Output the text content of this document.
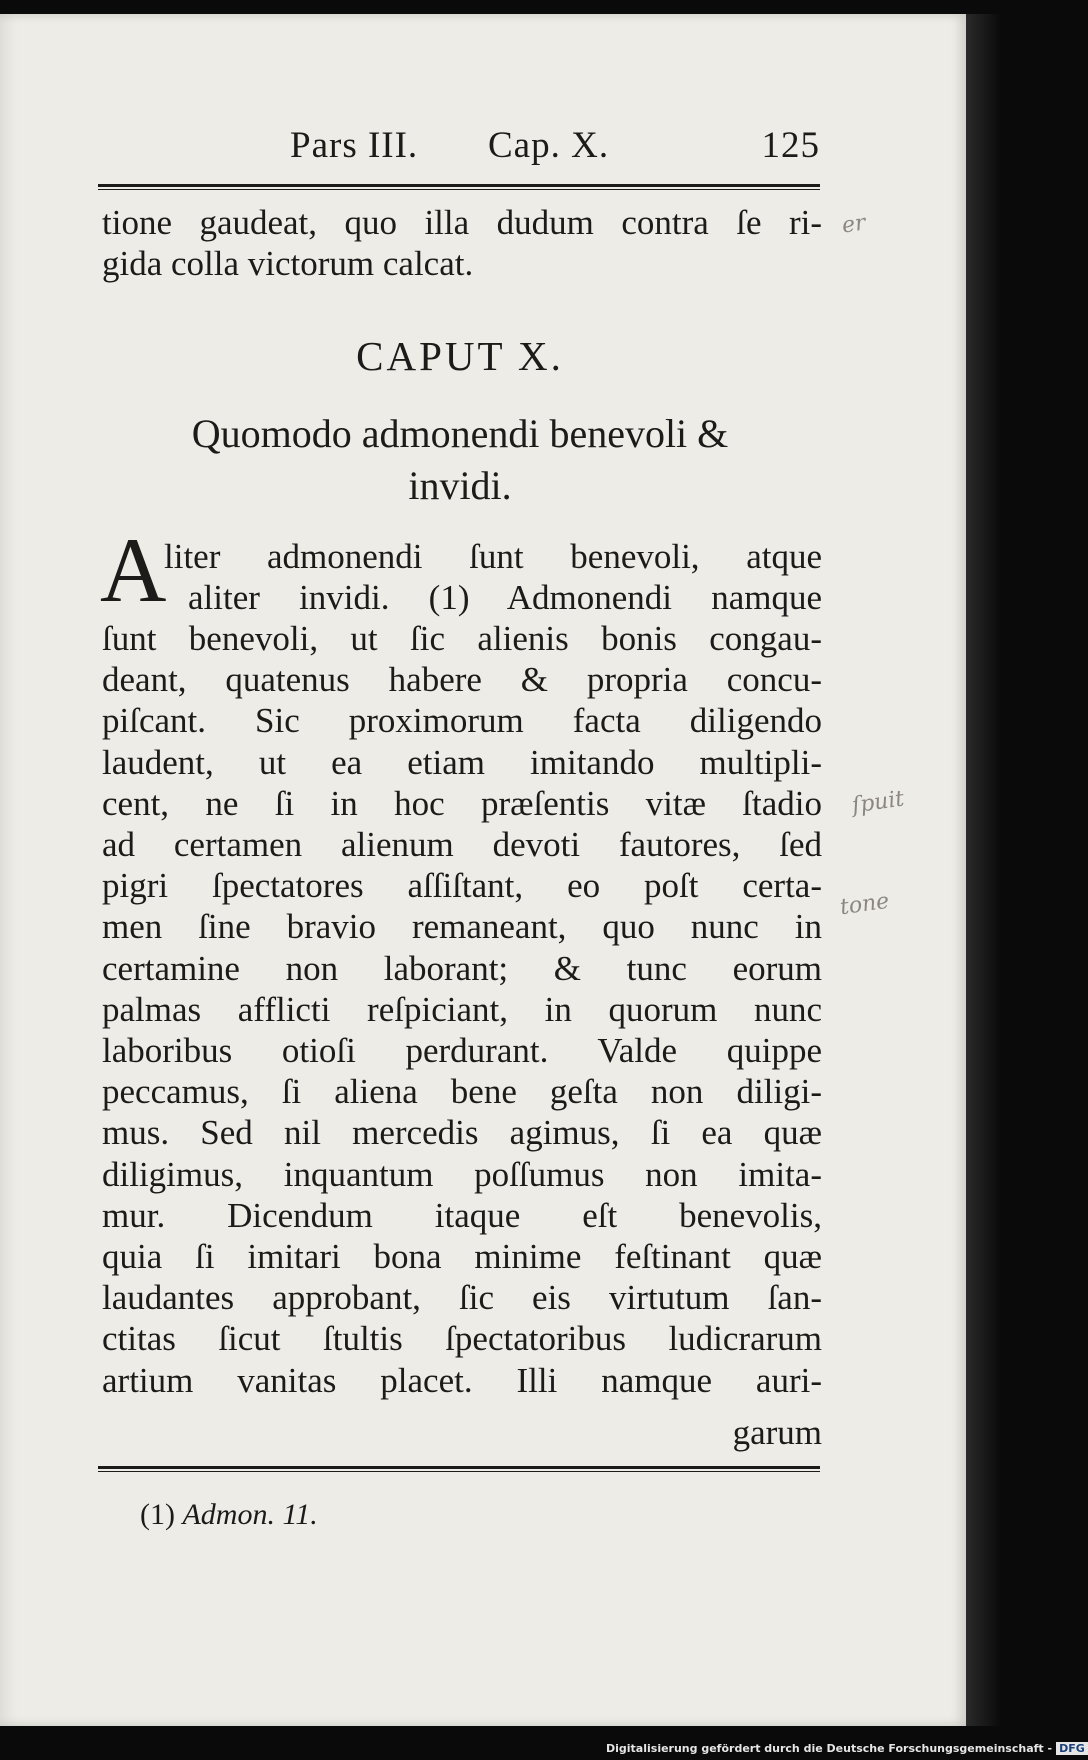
Pars III. Cap. X.	125
tione gaudeat, quo illa dudum contra ſe ri-
gida colla victorum calcat.
CAPUT X.
Quomodo admonendi benevoli &
invidi.
A
liter admonendi ſunt benevoli, atque
aliter invidi. (1) Admonendi namque
ſunt benevoli, ut ſic alienis bonis congau-
deant, quatenus habere & propria concu-
piſcant. Sic proximorum facta diligendo
laudent, ut ea etiam imitando multipli-
cent, ne ſi in hoc præſentis vitæ ſtadio
ad certamen alienum devoti fautores, ſed
pigri ſpectatores aſſiſtant, eo poſt certa-
men ſine bravio remaneant, quo nunc in
certamine non laborant; & tunc eorum
palmas afflicti reſpiciant, in quorum nunc
laboribus otioſi perdurant. Valde quippe
peccamus, ſi aliena bene geſta non diligi-
mus. Sed nil mercedis agimus, ſi ea quæ
diligimus, inquantum poſſumus non imita-
mur. Dicendum itaque eſt benevolis,
quia ſi imitari bona minime feſtinant quæ
laudantes approbant, ſic eis virtutum ſan-
ctitas ſicut ſtultis ſpectatoribus ludicrarum
artium vanitas placet. Illi namque auri-
garum
(1) Admon. 11.
er
ſpuit
tone
Digitalisierung gefördert durch die Deutsche Forschungsgemeinschaft - DFG
